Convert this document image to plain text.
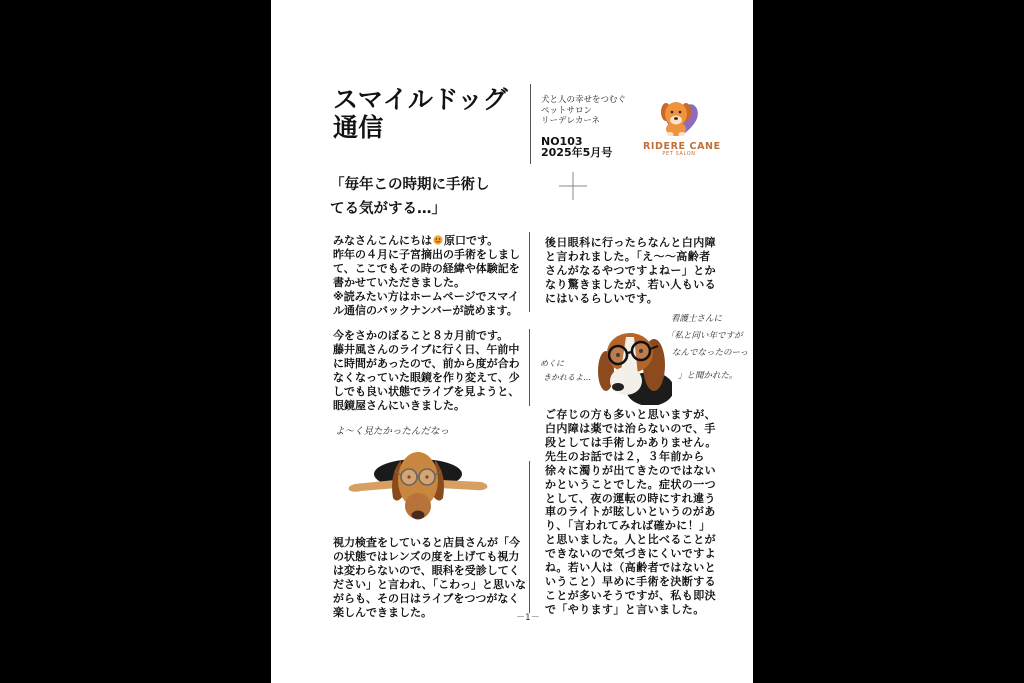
スマイルドッグ
通信
犬と人の幸せをつむぐ
ペットサロン
リーデレカーネ
NO103
2025年5月号	RIDERE CANE
PET SALON
「毎年この時期に手術し
てる気がする…」
みなさんこんにちは 原口です。
昨年の４月に子宮摘出の手術をしまし
て、ここでもその時の経緯や体験記を
書かせていただきました。
※読みたい方はホームページでスマイ
ル通信のバックナンバーが読めます。
今をさかのぼること８カ月前です。
藤井風さんのライブに行く日、午前中
に時間があったので、前から度が合わ
なくなっていた眼鏡を作り変えて、少
しでも良い状態でライブを見ようと、
眼鏡屋さんにいきました。
よ～く見たかったんだなっ
視力検査をしていると店員さんが「今
の状態ではレンズの度を上げても視力
は変わらないので、眼科を受診してく
ださい」と言われ、「こわっ」と思いな
がらも、その日はライブをつつがなく
楽しんできました。
後日眼科に行ったらなんと白内障
と言われました。「え～～高齢者
さんがなるやつですよねー」とか
なり驚きましたが、若い人もいる
にはいるらしいです。
看護士さんに
「私と同い年ですが
なんでなったのーっ
」と聞かれた。
めくに
きかれるよ…
ご存じの方も多いと思いますが、
白内障は薬では治らないので、手
段としては手術しかありません。
先生のお話では２，３年前から
徐々に濁りが出てきたのではない
かということでした。症状の一つ
として、夜の運転の時にすれ違う
車のライトが眩しいというのがあ
り、「言われてみれば確かに！」
と思いました。人と比べることが
できないので気づきにくいですよ
ね。若い人は（高齢者ではないと
いうこと）早めに手術を決断する
ことが多いそうですが、私も即決
で「やります」と言いました。
－1－
